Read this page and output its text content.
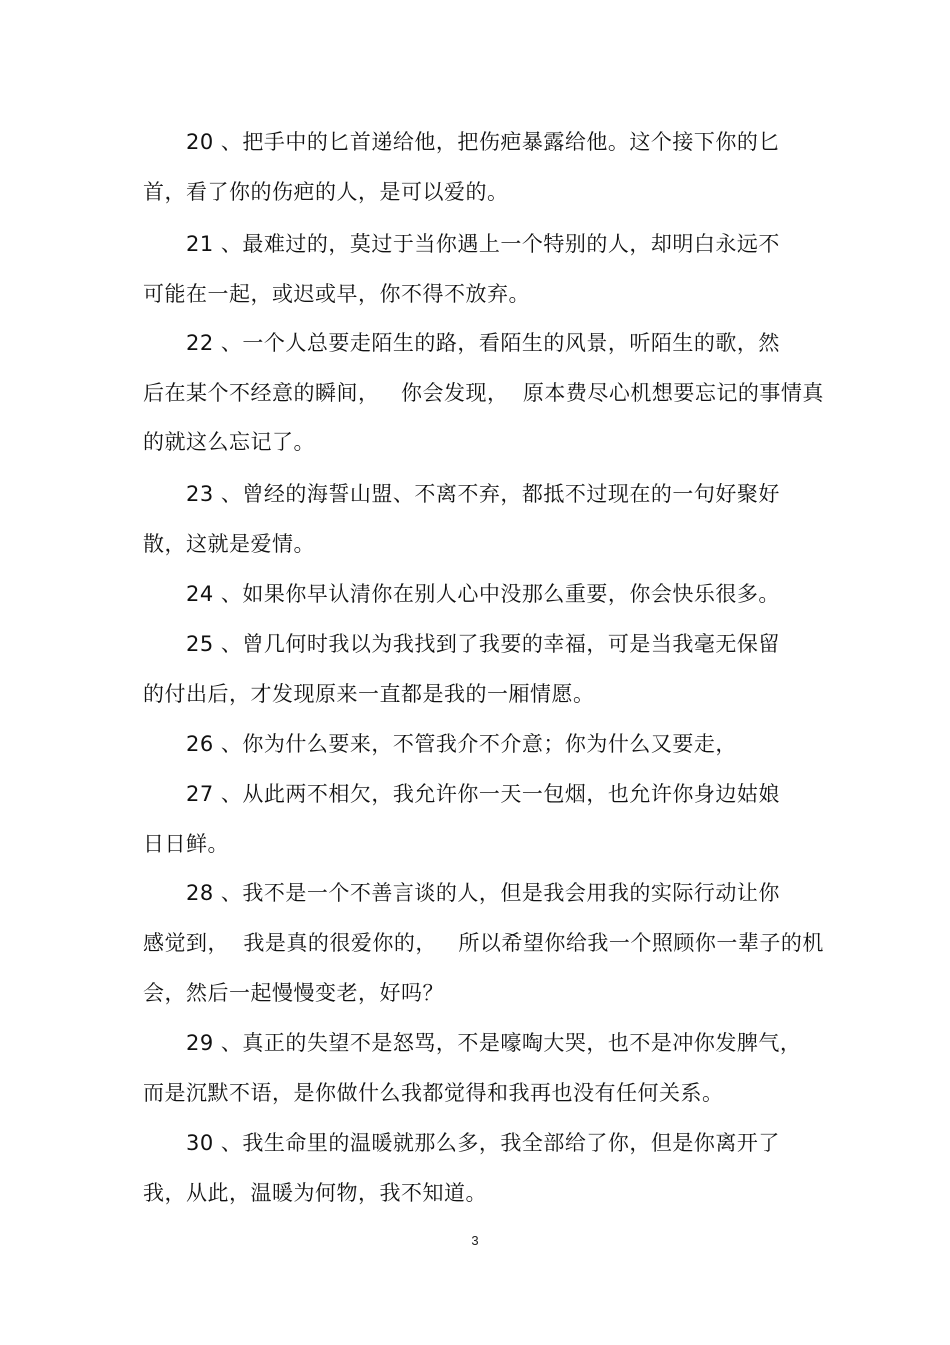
20 、把手中的匕首递给他，把伤疤暴露给他。这个接下你的匕
首，看了你的伤疤的人，是可以爱的。
21 、最难过的，莫过于当你遇上一个特别的人，却明白永远不
可能在一起，或迟或早，你不得不放弃。
22 、一个人总要走陌生的路，看陌生的风景，听陌生的歌，然
后在某个不经意的瞬间，   你会发现，  原本费尽心机想要忘记的事情真
的就这么忘记了。
23 、曾经的海誓山盟、不离不弃，都抵不过现在的一句好聚好
散，这就是爱情。
24 、如果你早认清你在别人心中没那么重要，你会快乐很多。
25 、曾几何时我以为我找到了我要的幸福，可是当我毫无保留
的付出后，才发现原来一直都是我的一厢情愿。
26 、你为什么要来，不管我介不介意；你为什么又要走，
27 、从此两不相欠，我允许你一天一包烟，也允许你身边姑娘
日日鲜。
28 、我不是一个不善言谈的人，但是我会用我的实际行动让你
感觉到，  我是真的很爱你的，   所以希望你给我一个照顾你一辈子的机
会，然后一起慢慢变老，好吗？
29 、真正的失望不是怒骂，不是嚎啕大哭，也不是冲你发脾气，
而是沉默不语，是你做什么我都觉得和我再也没有任何关系。
30 、我生命里的温暖就那么多，我全部给了你，但是你离开了
我，从此，温暖为何物，我不知道。
3
